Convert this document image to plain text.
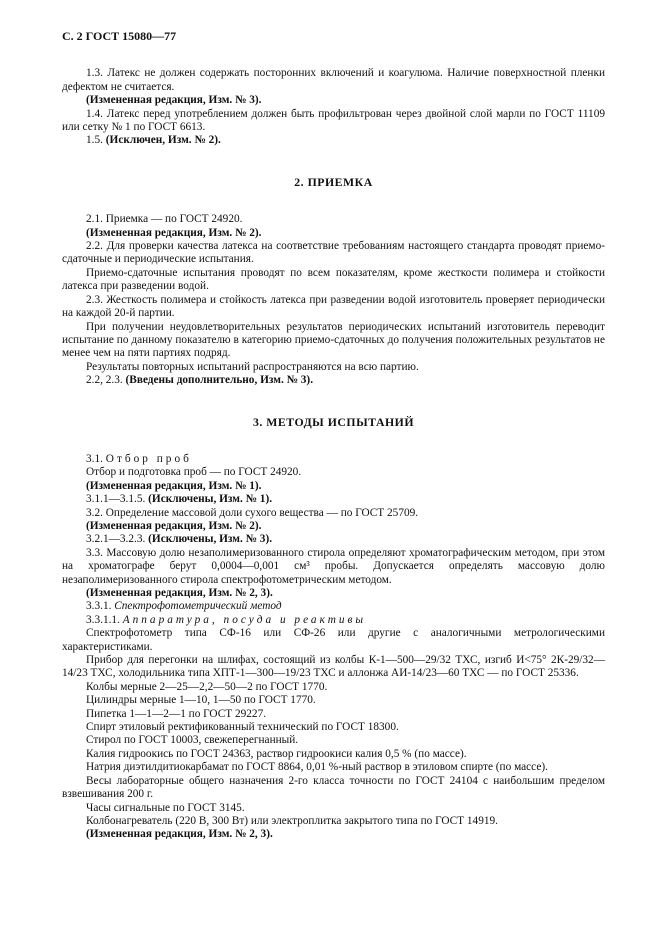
С. 2 ГОСТ 15080—77

1.3. Латекс не должен содержать посторонних включений и коагулюма. Наличие поверхностной пленки дефектом не считается.

(Измененная редакция, Изм. № 3).

1.4. Латекс перед употреблением должен быть профильтрован через двойной слой марли по ГОСТ 11109 или сетку № 1 по ГОСТ 6613.

1.5. (Исключен, Изм. № 2).

2. ПРИЕМКА

2.1. Приемка — по ГОСТ 24920.

(Измененная редакция, Изм. № 2).

2.2. Для проверки качества латекса на соответствие требованиям настоящего стандарта проводят приемо-сдаточные и периодические испытания.

Приемо-сдаточные испытания проводят по всем показателям, кроме жесткости полимера и стойкости латекса при разведении водой.

2.3. Жесткость полимера и стойкость латекса при разведении водой изготовитель проверяет периодически на каждой 20-й партии.

При получении неудовлетворительных результатов периодических испытаний изготовитель переводит испытание по данному показателю в категорию приемо-сдаточных до получения положительных результатов не менее чем на пяти партиях подряд.

Результаты повторных испытаний распространяются на всю партию.

2.2, 2.3. (Введены дополнительно, Изм. № 3).

3. МЕТОДЫ ИСПЫТАНИЙ

3.1. Отбор проб

Отбор и подготовка проб — по ГОСТ 24920.

(Измененная редакция, Изм. № 1).

3.1.1—3.1.5. (Исключены, Изм. № 1).

3.2. Определение массовой доли сухого вещества — по ГОСТ 25709.

(Измененная редакция, Изм. № 2).

3.2.1—3.2.3. (Исключены, Изм. № 3).

3.3. Массовую долю незаполимеризованного стирола определяют хроматографическим методом, при этом на хроматографе берут 0,0004—0,001 см³ пробы. Допускается определять массовую долю незаполимеризованного стирола спектрофотометрическим методом.

(Измененная редакция, Изм. № 2, 3).

3.3.1. Спектрофотометрический метод

3.3.1.1. Аппаратура, посуда и реактивы

Спектрофотометр типа СФ-16 или СФ-26 или другие с аналогичными метрологическими характеристиками.

Прибор для перегонки на шлифах, состоящий из колбы К-1—500—29/32 ТХС, изгиб И<75° 2К-29/32—14/23 ТХС, холодильника типа ХПТ-1—300—19/23 ТХС и аллонжа АИ-14/23—60 ТХС — по ГОСТ 25336.

Колбы мерные 2—25—2,2—50—2 по ГОСТ 1770.

Цилиндры мерные 1—10, 1—50 по ГОСТ 1770.

Пипетка 1—1—2—1 по ГОСТ 29227.

Спирт этиловый ректификованный технический по ГОСТ 18300.

Стирол по ГОСТ 10003, свежеперегнанный.

Калия гидроокись по ГОСТ 24363, раствор гидроокиси калия 0,5 % (по массе).

Натрия диэтилдитиокарбамат по ГОСТ 8864, 0,01 %-ный раствор в этиловом спирте (по массе).

Весы лабораторные общего назначения 2-го класса точности по ГОСТ 24104 с наибольшим пределом взвешивания 200 г.

Часы сигнальные по ГОСТ 3145.

Колбонагреватель (220 В, 300 Вт) или электроплитка закрытого типа по ГОСТ 14919.

(Измененная редакция, Изм. № 2, 3).
